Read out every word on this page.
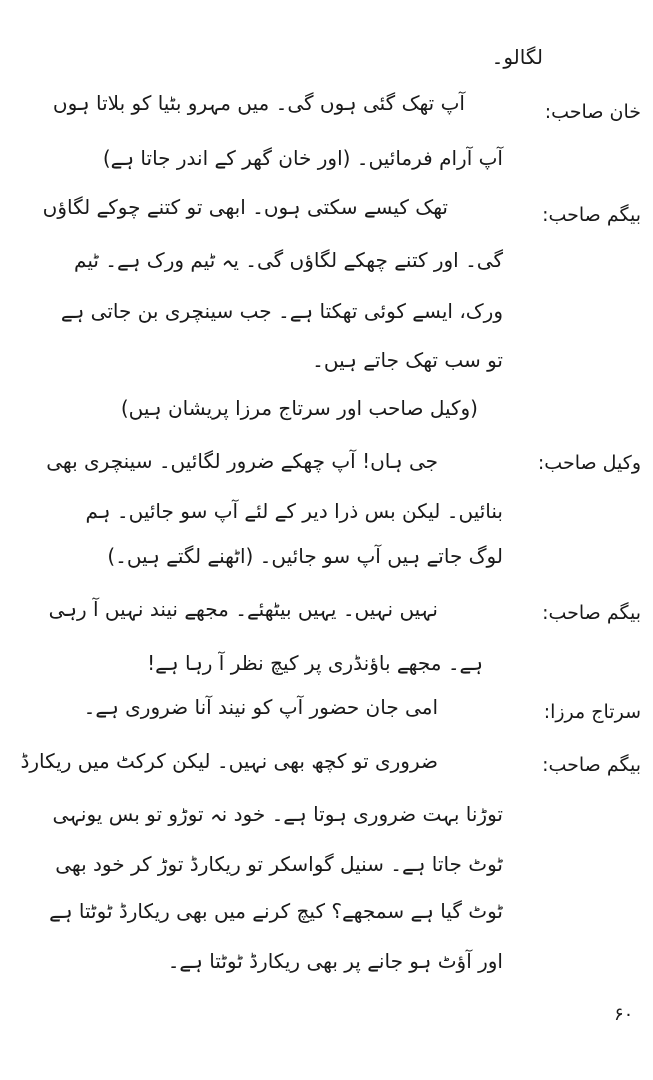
لگالو۔
خان صاحب:
بیگم صاحب:
وکیل صاحب:
بیگم صاحب:
سرتاج مرزا:
بیگم صاحب:
آپ تھک گئی ہوں گی۔ میں مہرو بٹیا کو بلاتا ہوں
آپ آرام فرمائیں۔ (اور خان گھر کے اندر جاتا ہے)
تھک کیسے سکتی ہوں۔ ابھی تو کتنے چوکے لگاؤں
گی۔ اور کتنے چھکے لگاؤں گی۔ یہ ٹیم ورک ہے۔ ٹیم
ورک، ایسے کوئی تھکتا ہے۔ جب سینچری بن جاتی ہے
تو سب تھک جاتے ہیں۔
(وکیل صاحب اور سرتاج مرزا پریشان ہیں)
جی ہاں! آپ چھکے ضرور لگائیں۔ سینچری بھی
بنائیں۔ لیکن بس ذرا دیر کے لئے آپ سو جائیں۔ ہم
لوگ جاتے ہیں آپ سو جائیں۔ (اٹھنے لگتے ہیں۔)
نہیں نہیں۔ یہیں بیٹھئے۔ مجھے نیند نہیں آ رہی
ہے۔ مجھے باؤنڈری پر کیچ نظر آ رہا ہے!
امی جان حضور آپ کو نیند آنا ضروری ہے۔
ضروری تو کچھ بھی نہیں۔ لیکن کرکٹ میں ریکارڈ
توڑنا بہت ضروری ہوتا ہے۔ خود نہ توڑو تو بس یونہی
ٹوٹ جاتا ہے۔ سنیل گواسکر تو ریکارڈ توڑ کر خود بھی
ٹوٹ گیا ہے سمجھے؟ کیچ کرنے میں بھی ریکارڈ ٹوٹتا ہے
اور آؤٹ ہو جانے پر بھی ریکارڈ ٹوٹتا ہے۔
۶۰
